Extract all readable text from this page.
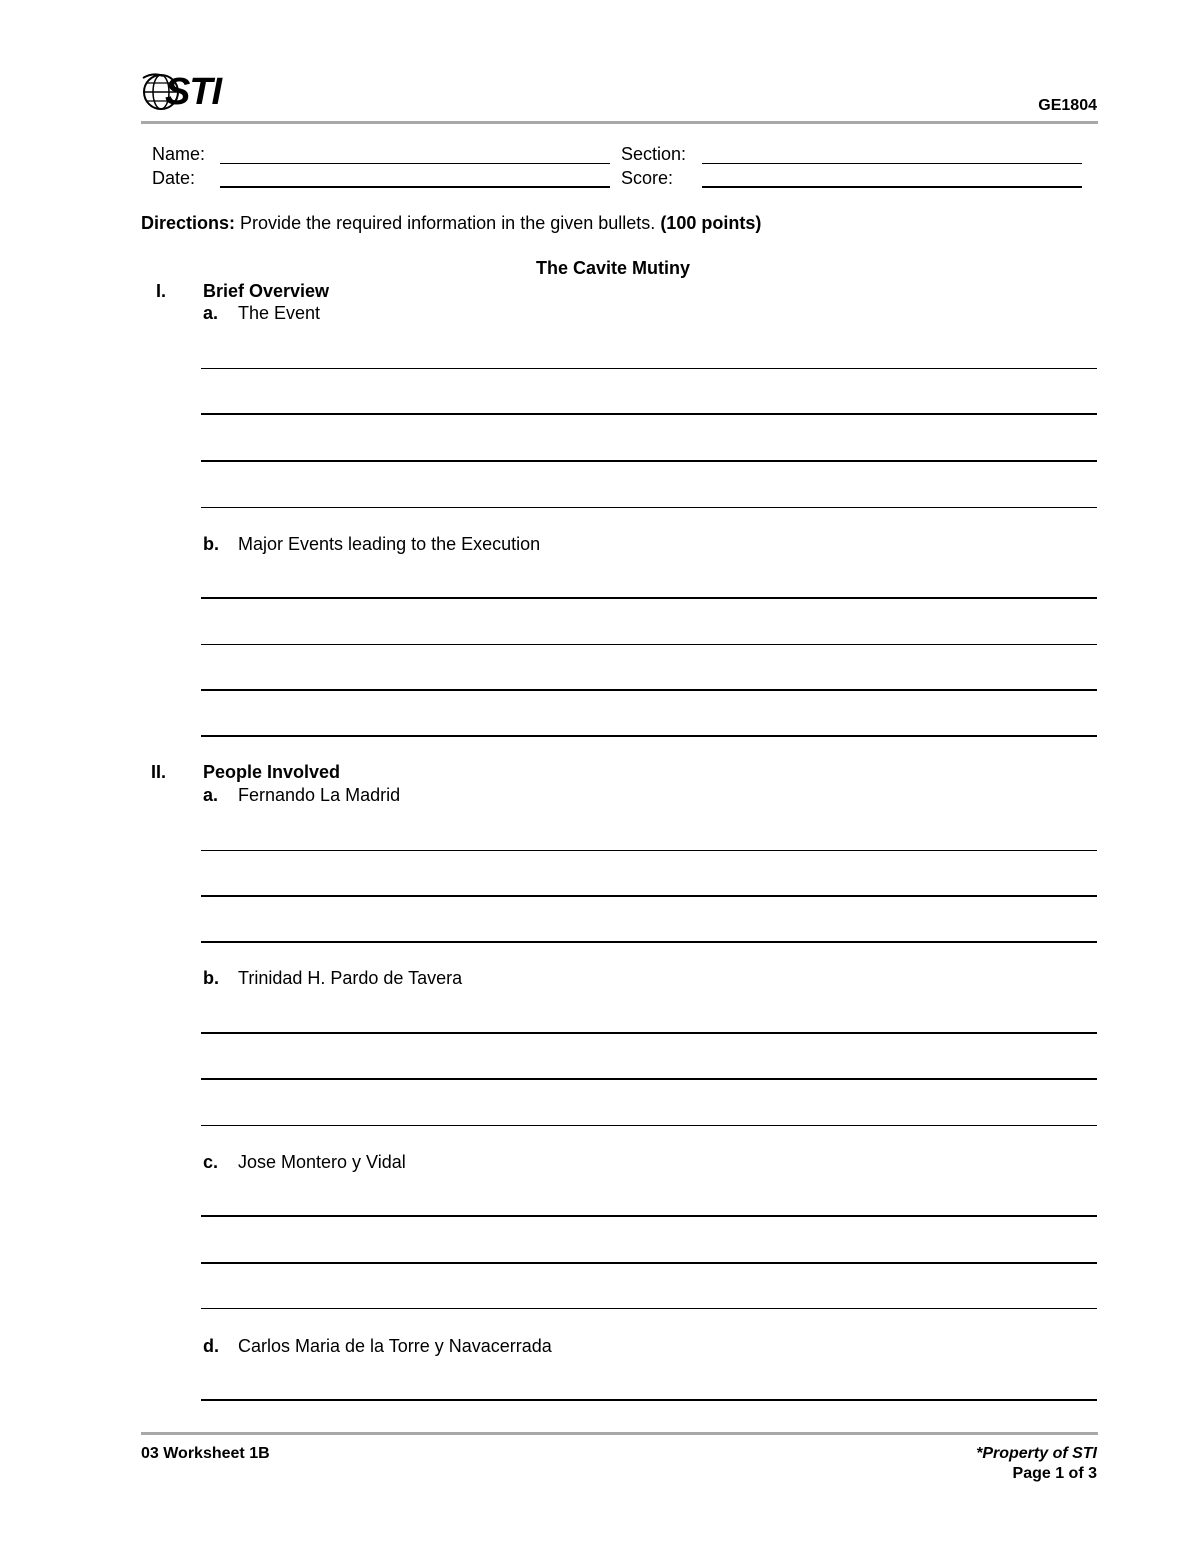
STI	GE1804
Name:	Section:
Date:	Score:
Directions: Provide the required information in the given bullets. (100 points)
The Cavite Mutiny
I. Brief Overview
a. The Event
b. Major Events leading to the Execution
II. People Involved
a. Fernando La Madrid
b. Trinidad H. Pardo de Tavera
c. Jose Montero y Vidal
d. Carlos Maria de la Torre y Navacerrada
03 Worksheet 1B	*Property of STI
Page 1 of 3
